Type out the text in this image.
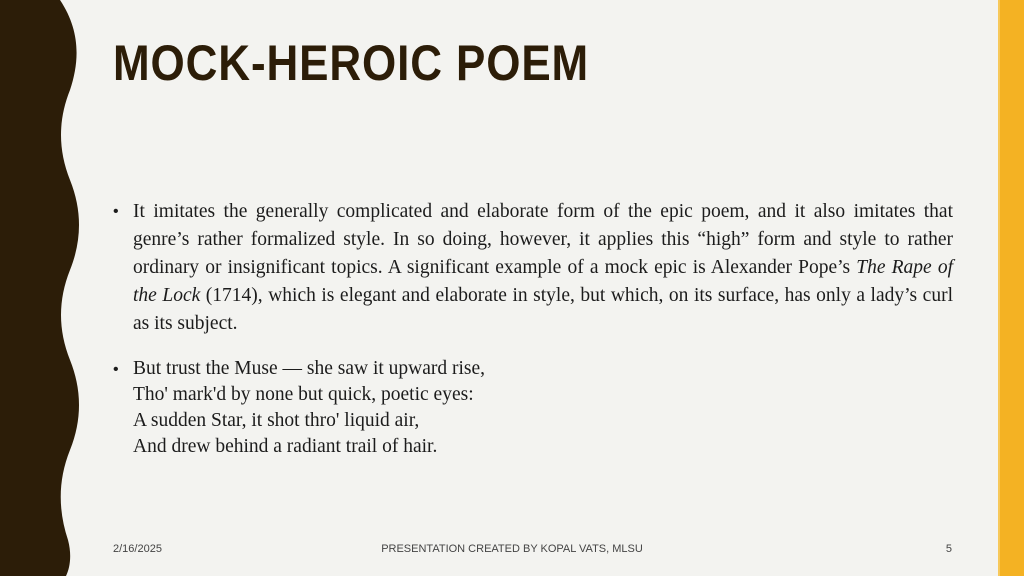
MOCK-HEROIC POEM
• It imitates the generally complicated and elaborate form of the epic poem, and it also imitates that genre’s rather formalized style. In so doing, however, it applies this “high” form and style to rather ordinary or insignificant topics. A significant example of a mock epic is Alexander Pope’s The Rape of the Lock (1714), which is elegant and elaborate in style, but which, on its surface, has only a lady’s curl as its subject.

• But trust the Muse — she saw it upward rise,

Tho' mark'd by none but quick, poetic eyes:

A sudden Star, it shot thro' liquid air,

And drew behind a radiant trail of hair.

2/16/2025	PRESENTATION CREATED BY KOPAL VATS, MLSU	5
